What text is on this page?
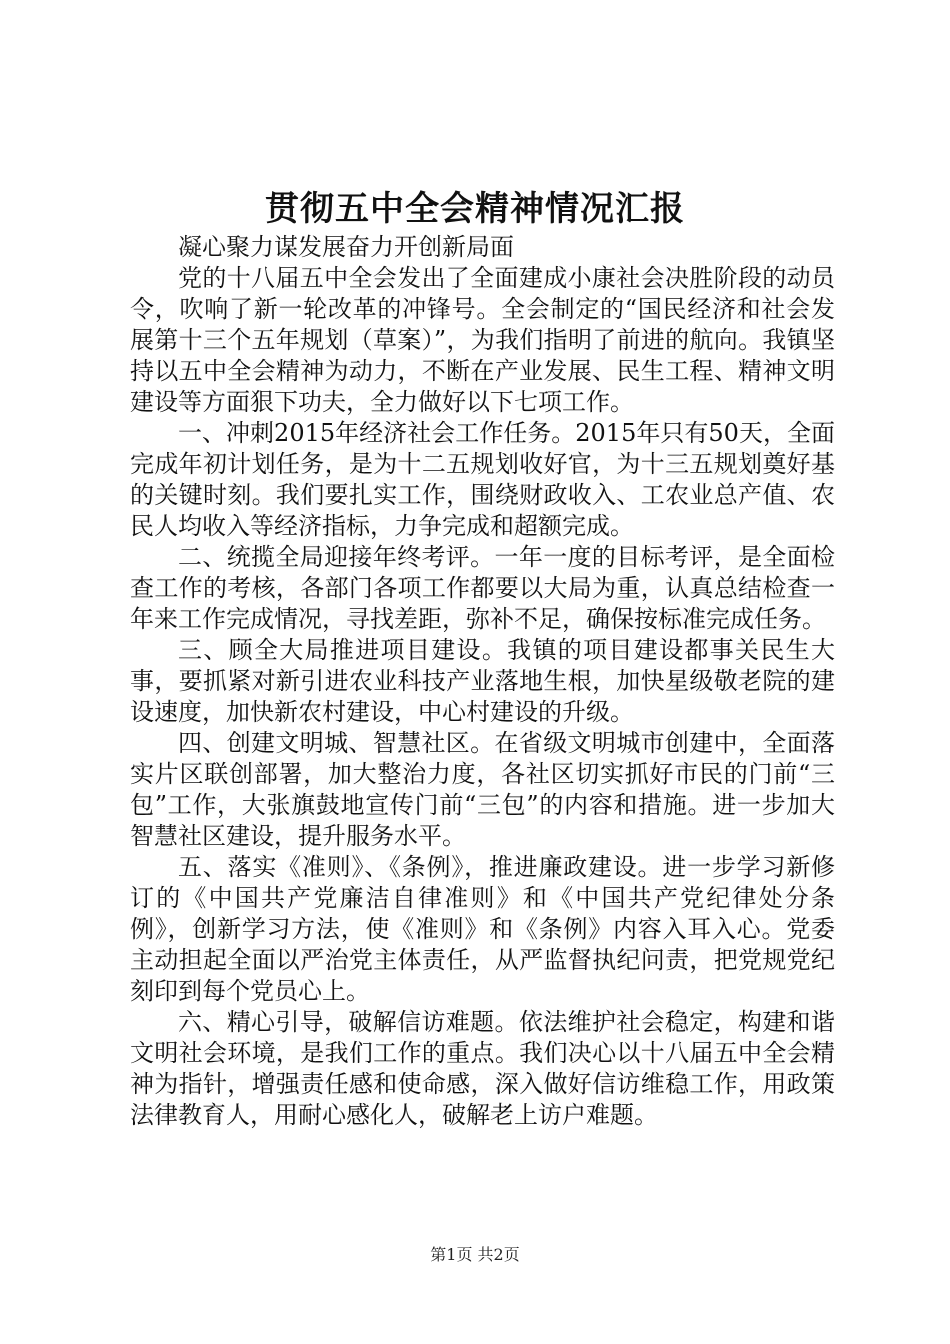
贯彻五中全会精神情况汇报

凝心聚力谋发展奋力开创新局面

党的十八届五中全会发出了全面建成小康社会决胜阶段的动员令，吹响了新一轮改革的冲锋号。全会制定的“国民经济和社会发展第十三个五年规划（草案）”，为我们指明了前进的航向。我镇坚持以五中全会精神为动力，不断在产业发展、民生工程、精神文明建设等方面狠下功夫，全力做好以下七项工作。

一、冲刺2015年经济社会工作任务。2015年只有50天，全面完成年初计划任务，是为十二五规划收好官，为十三五规划奠好基的关键时刻。我们要扎实工作，围绕财政收入、工农业总产值、农民人均收入等经济指标，力争完成和超额完成。

二、统揽全局迎接年终考评。一年一度的目标考评，是全面检查工作的考核，各部门各项工作都要以大局为重，认真总结检查一年来工作完成情况，寻找差距，弥补不足，确保按标准完成任务。

三、顾全大局推进项目建设。我镇的项目建设都事关民生大事，要抓紧对新引进农业科技产业落地生根，加快星级敬老院的建设速度，加快新农村建设，中心村建设的升级。

四、创建文明城、智慧社区。在省级文明城市创建中，全面落实片区联创部署，加大整治力度，各社区切实抓好市民的门前“三包”工作，大张旗鼓地宣传门前“三包”的内容和措施。进一步加大智慧社区建设，提升服务水平。

五、落实《准则》、《条例》，推进廉政建设。进一步学习新修订的《中国共产党廉洁自律准则》和《中国共产党纪律处分条例》，创新学习方法，使《准则》和《条例》内容入耳入心。党委主动担起全面以严治党主体责任，从严监督执纪问责，把党规党纪刻印到每个党员心上。

六、精心引导，破解信访难题。依法维护社会稳定，构建和谐文明社会环境，是我们工作的重点。我们决心以十八届五中全会精神为指针，增强责任感和使命感，深入做好信访维稳工作，用政策法律教育人，用耐心感化人，破解老上访户难题。

第1页 共2页
